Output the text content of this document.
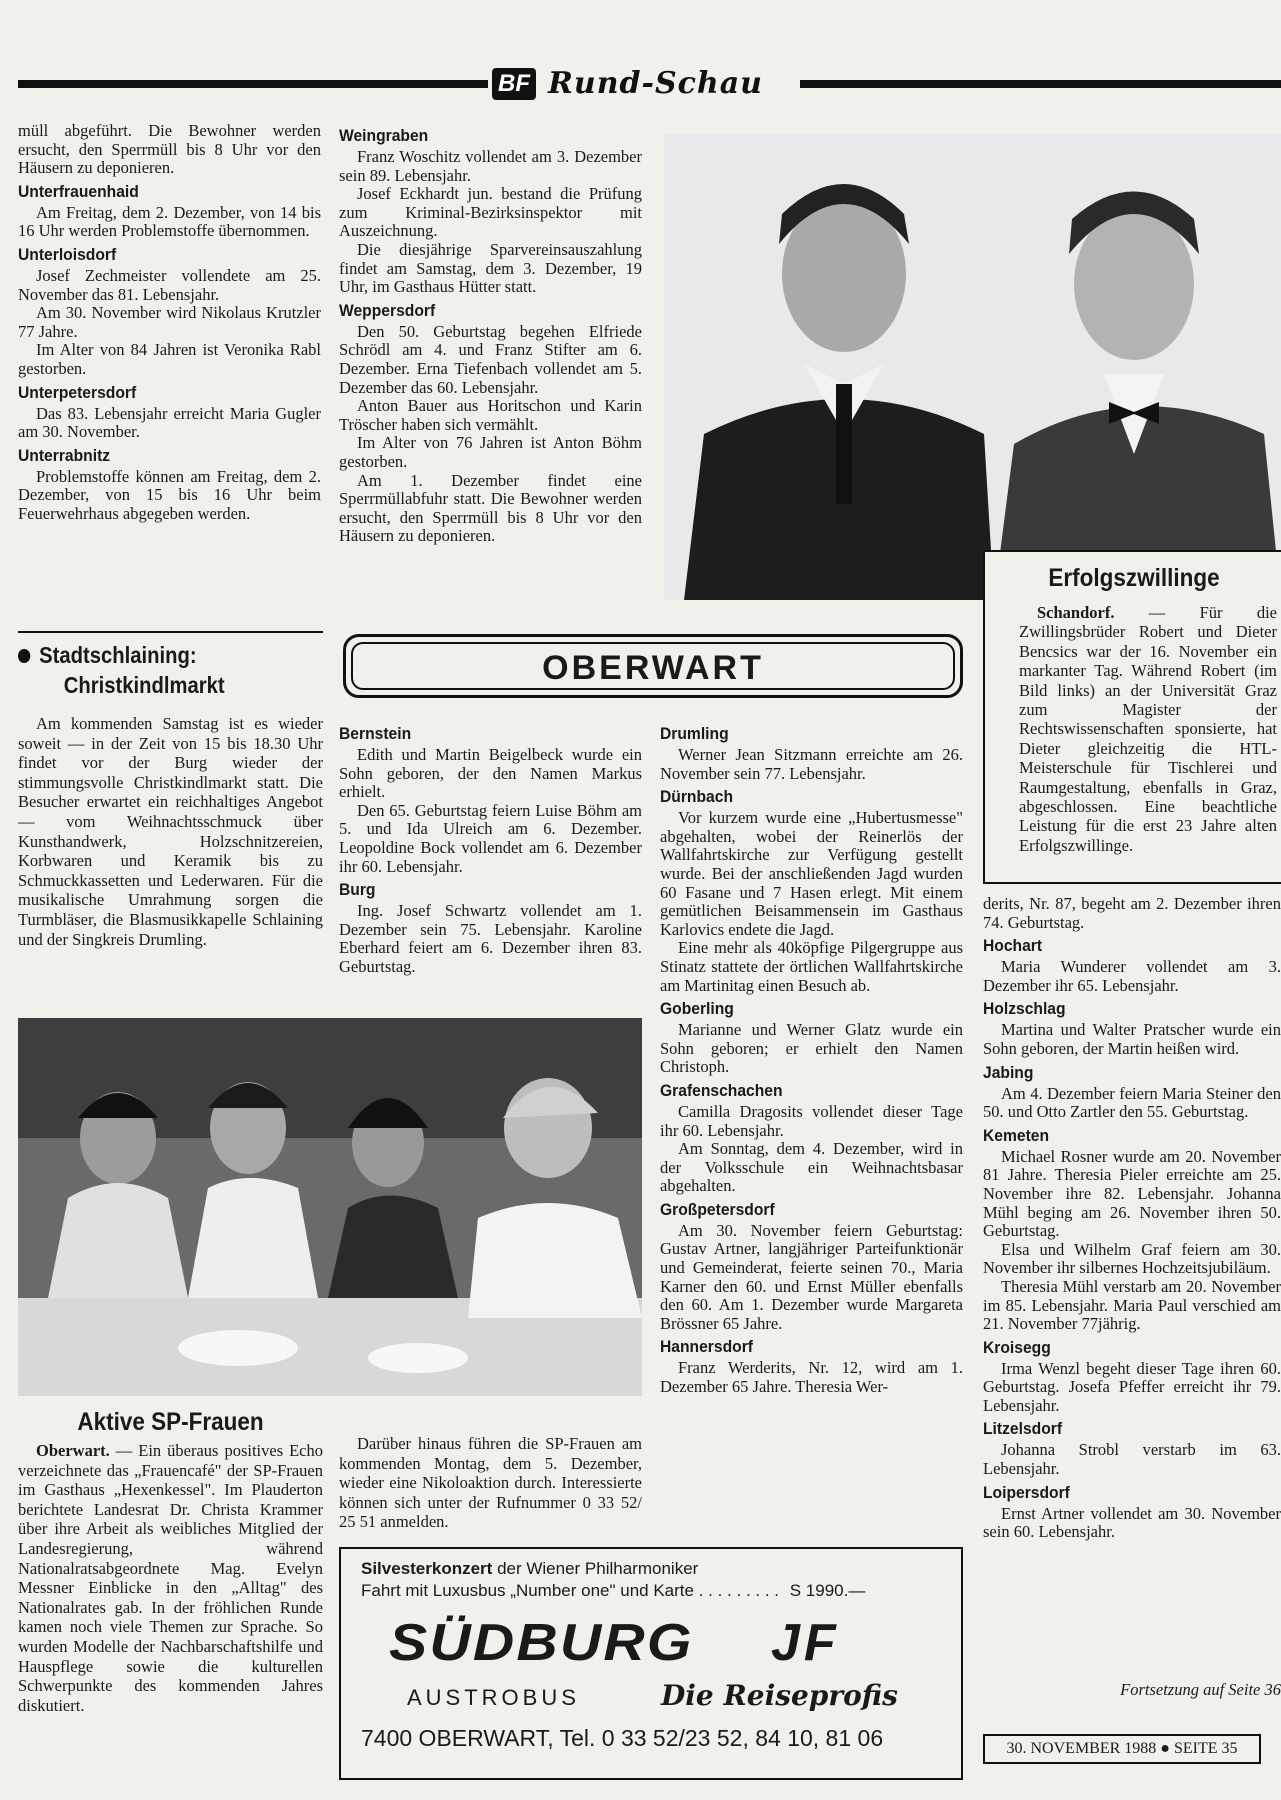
BF Rund-Schau

müll abgeführt. Die Bewohner werden ersucht, den Sperrmüll bis 8 Uhr vor den Häusern zu deponieren.

Unterfrauenhaid

Am Freitag, dem 2. Dezember, von 14 bis 16 Uhr werden Problemstoffe übernommen.

Unterloisdorf

Josef Zechmeister vollendete am 25. November das 81. Lebensjahr.

Am 30. November wird Nikolaus Krutzler 77 Jahre.

Im Alter von 84 Jahren ist Veronika Rabl gestorben.

Unterpetersdorf

Das 83. Lebensjahr erreicht Maria Gugler am 30. November.

Unterrabnitz

Problemstoffe können am Freitag, dem 2. Dezember, von 15 bis 16 Uhr beim Feuerwehrhaus abgegeben werden.

Weingraben

Franz Woschitz vollendet am 3. Dezember sein 89. Lebensjahr.

Josef Eckhardt jun. bestand die Prüfung zum Kriminal-Bezirksinspektor mit Auszeichnung.

Die diesjährige Sparvereinsauszahlung findet am Samstag, dem 3. Dezember, 19 Uhr, im Gasthaus Hütter statt.

Weppersdorf

Den 50. Geburtstag begehen Elfriede Schrödl am 4. und Franz Stifter am 6. Dezember. Erna Tiefenbach vollendet am 5. Dezember das 60. Lebensjahr.

Anton Bauer aus Horitschon und Karin Tröscher haben sich vermählt.

Im Alter von 76 Jahren ist Anton Böhm gestorben.

Am 1. Dezember findet eine Sperrmüllabfuhr statt. Die Bewohner werden ersucht, den Sperrmüll bis 8 Uhr vor den Häusern zu deponieren.

Erfolgszwillinge

Schandorf. — Für die Zwillingsbrüder Robert und Dieter Bencsics war der 16. November ein markanter Tag. Während Robert (im Bild links) an der Universität Graz zum Magister der Rechtswissenschaften sponsierte, hat Dieter gleichzeitig die HTL-Meisterschule für Tischlerei und Raumgestaltung, ebenfalls in Graz, abgeschlossen. Eine beachtliche Leistung für die erst 23 Jahre alten Erfolgszwillinge.

Stadtschlaining:
Christkindlmarkt

Am kommenden Samstag ist es wieder soweit — in der Zeit von 15 bis 18.30 Uhr findet vor der Burg wieder der stimmungsvolle Christkindlmarkt statt. Die Besucher erwartet ein reichhaltiges Angebot — vom Weihnachtsschmuck über Kunsthandwerk, Holzschnitzereien, Korbwaren und Keramik bis zu Schmuckkassetten und Lederwaren. Für die musikalische Umrahmung sorgen die Turmbläser, die Blasmusikkapelle Schlaining und der Singkreis Drumling.

OBERWART
Bernstein

Edith und Martin Beigelbeck wurde ein Sohn geboren, der den Namen Markus erhielt.

Den 65. Geburtstag feiern Luise Böhm am 5. und Ida Ulreich am 6. Dezember. Leopoldine Bock vollendet am 6. Dezember ihr 60. Lebensjahr.

Burg

Ing. Josef Schwartz vollendet am 1. Dezember sein 75. Lebensjahr. Karoline Eberhard feiert am 6. Dezember ihren 83. Geburtstag.

Drumling

Werner Jean Sitzmann erreichte am 26. November sein 77. Lebensjahr.

Dürnbach

Vor kurzem wurde eine „Hubertusmesse" abgehalten, wobei der Reinerlös der Wallfahrtskirche zur Verfügung gestellt wurde. Bei der anschließenden Jagd wurden 60 Fasane und 7 Hasen erlegt. Mit einem gemütlichen Beisammensein im Gasthaus Karlovics endete die Jagd.

Eine mehr als 40köpfige Pilgergruppe aus Stinatz stattete der örtlichen Wallfahrtskirche am Martinitag einen Besuch ab.

Goberling

Marianne und Werner Glatz wurde ein Sohn geboren; er erhielt den Namen Christoph.

Grafenschachen

Camilla Dragosits vollendet dieser Tage ihr 60. Lebensjahr.

Am Sonntag, dem 4. Dezember, wird in der Volksschule ein Weihnachtsbasar abgehalten.

Großpetersdorf

Am 30. November feiern Geburtstag: Gustav Artner, langjähriger Parteifunktionär und Gemeinderat, feierte seinen 70., Maria Karner den 60. und Ernst Müller ebenfalls den 60. Am 1. Dezember wurde Margareta Brössner 65 Jahre.

Hannersdorf

Franz Werderits, Nr. 12, wird am 1. Dezember 65 Jahre. Theresia Wer-

derits, Nr. 87, begeht am 2. Dezember ihren 74. Geburtstag.

Hochart

Maria Wunderer vollendet am 3. Dezember ihr 65. Lebensjahr.

Holzschlag

Martina und Walter Pratscher wurde ein Sohn geboren, der Martin heißen wird.

Jabing

Am 4. Dezember feiern Maria Steiner den 50. und Otto Zartler den 55. Geburtstag.

Kemeten

Michael Rosner wurde am 20. November 81 Jahre. Theresia Pieler erreichte am 25. November ihre 82. Lebensjahr. Johanna Mühl beging am 26. November ihren 50. Geburtstag.

Elsa und Wilhelm Graf feiern am 30. November ihr silbernes Hochzeitsjubiläum.

Theresia Mühl verstarb am 20. November im 85. Lebensjahr. Maria Paul verschied am 21. November 77jährig.

Kroisegg

Irma Wenzl begeht dieser Tage ihren 60. Geburtstag. Josefa Pfeffer erreicht ihr 79. Lebensjahr.

Litzelsdorf

Johanna Strobl verstarb im 63. Lebensjahr.

Loipersdorf

Ernst Artner vollendet am 30. November sein 60. Lebensjahr.

Fortsetzung auf Seite 36
Aktive SP-Frauen

Oberwart. — Ein überaus positives Echo verzeichnete das „Frauencafé" der SP-Frauen im Gasthaus „Hexenkessel". Im Plauderton berichtete Landesrat Dr. Christa Krammer über ihre Arbeit als weibliches Mitglied der Landesregierung, während Nationalratsabgeordnete Mag. Evelyn Messner Einblicke in den „Alltag" des Nationalrates gab. In der fröhlichen Runde kamen noch viele Themen zur Sprache. So wurden Modelle der Nachbarschaftshilfe und Hauspflege sowie die kulturellen Schwerpunkte des kommenden Jahres diskutiert.

Darüber hinaus führen die SP-Frauen am kommenden Montag, dem 5. Dezember, wieder eine Nikoloaktion durch. Interessierte können sich unter der Rufnummer 0 33 52/ 25 51 anmelden.

Silvesterkonzert der Wiener Philharmoniker
Fahrt mit Luxusbus „Number one" und Karte . . . . . . . . . S 1990.—
SÜDBURG JF
AUSTROBUS	Die Reiseprofis
7400 OBERWART, Tel. 0 33 52/23 52, 84 10, 81 06	30. NOVEMBER 1988 ● SEITE 35
